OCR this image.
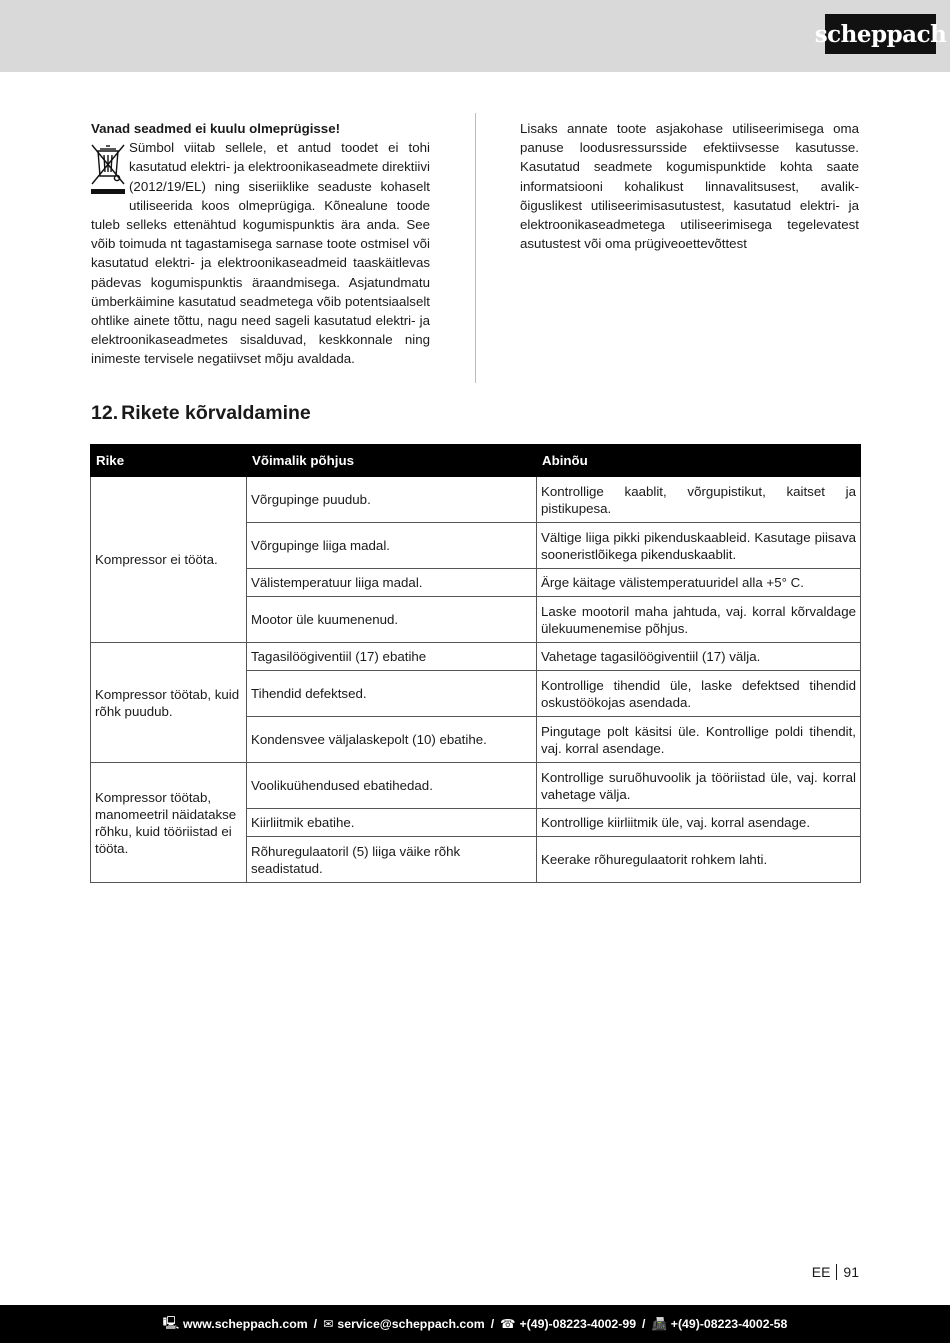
scheppach
Vanad seadmed ei kuulu olmeprügisse!
Sümbol viitab sellele, et antud toodet ei tohi kasutatud elektri- ja elektroonikaseadmete direktiivi (2012/19/EL) ning siseriiklike seaduste kohaselt utiliseerida koos olmeprügiga. Kõnealune toode tuleb selleks ettenähtud kogumispunktis ära anda. See võib toimuda nt tagastamisega sarnase toote ostmisel või kasutatud elektri- ja elektroonikaseadmeid taaskäitlevas pädevas kogumispunktis äraandmisega. Asjatundmatu ümberkäimine kasutatud seadmetega võib potentsiaalselt ohtlike ainete tõttu, nagu need sageli kasutatud elektri- ja elektroonikaseadmetes sisalduvad, keskkonnale ning inimeste tervisele negatiivset mõju avaldada.
Lisaks annate toote asjakohase utiliseerimisega oma panuse loodusressursside efektiivsesse kasutusse. Kasutatud seadmete kogumispunktide kohta saate informatsiooni kohalikust linnavalitsusest, avalik-õiguslikest utiliseerimisasutustest, kasutatud elektri- ja elektroonikaseadmetega utiliseerimisega tegelevatest asutustest või oma prügiveoettevõttest
12. Rikete kõrvaldamine
Rike	Võimalik põhjus	Abinõu
Kompressor ei tööta.	Võrgupinge puudub.	Kontrollige kaablit, võrgupistikut, kaitset ja pistikupesa.
	Võrgupinge liiga madal.	Vältige liiga pikki pikenduskaableid. Kasutage piisava sooneristlõikega pikenduskaablit.
	Välistemperatuur liiga madal.	Ärge käitage välistemperatuuridel alla +5° C.
	Mootor üle kuumenenud.	Laske mootoril maha jahtuda, vaj. korral kõrvaldage ülekuumenemise põhjus.
Kompressor töötab, kuid rõhk puudub.	Tagasilöögiventiil (17) ebatihe	Vahetage tagasilöögiventiil (17) välja.
	Tihendid defektsed.	Kontrollige tihendid üle, laske defektsed tihendid oskustöökojas asendada.
	Kondensvee väljalaskepolt (10) ebatihe.	Pingutage polt käsitsi üle. Kontrollige poldi tihendit, vaj. korral asendage.
Kompressor töötab, manomeetril näidatakse rõhku, kuid tööriistad ei tööta.	Voolikuühendused ebatihedad.	Kontrollige suruõhuvoolik ja tööriistad üle, vaj. korral vahetage välja.
	Kiirliitmik ebatihe.	Kontrollige kiirliitmik üle, vaj. korral asendage.
	Rõhuregulaatoril (5) liiga väike rõhk seadistatud.	Keerake rõhuregulaatorit rohkem lahti.
EE 91
🖳 www.scheppach.com / ✉ service@scheppach.com / ☎ +(49)-08223-4002-99 / 📠 +(49)-08223-4002-58
